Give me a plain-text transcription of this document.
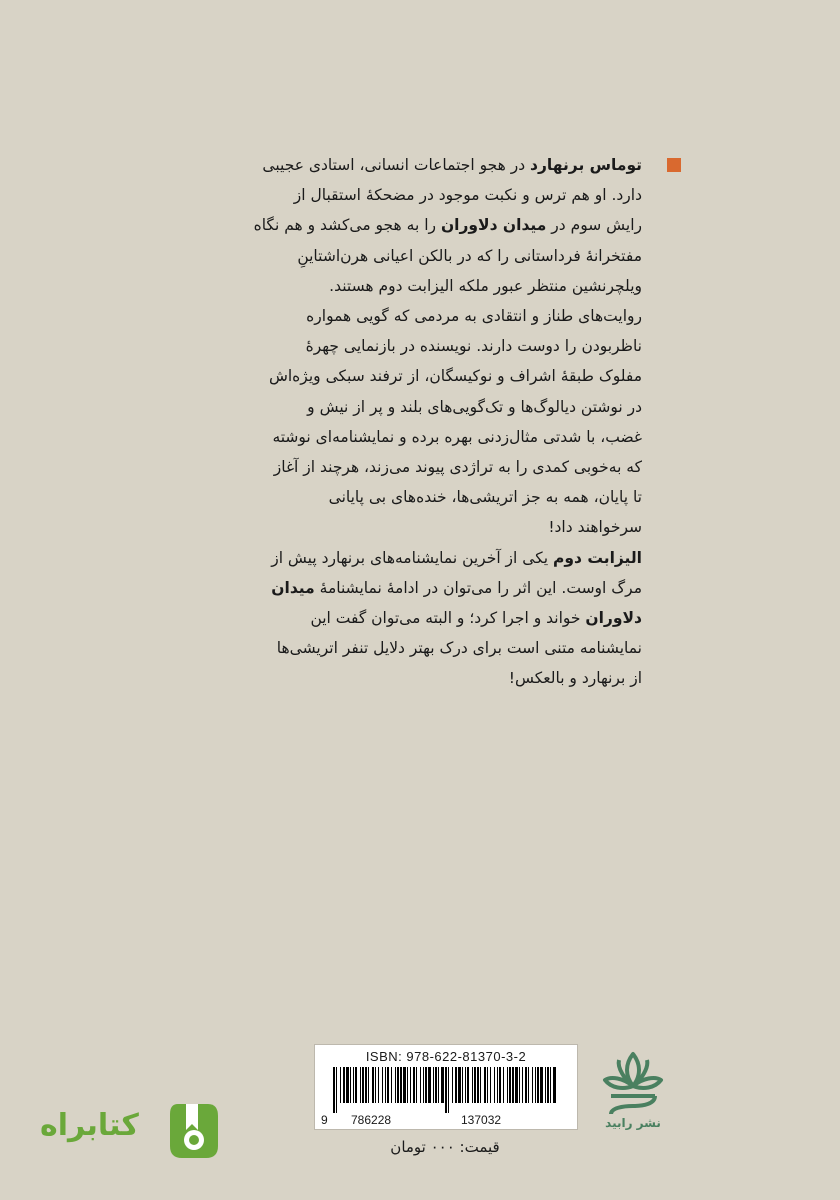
توماس برنهارد در هجو اجتماعات انسانی، استادی عجیبی

دارد. او هم ترس و نکبت موجود در مضحکهٔ استقبال از

رایش سوم در میدان دلاوران را به هجو می‌کشد و هم نگاه

مفتخرانهٔ فرداستانی را که در بالکن اعیانی هرن‌اشتاینِ

ویلچرنشین منتظر عبور ملکه الیزابت دوم هستند.

روایت‌های طناز و انتقادی به مردمی که گویی همواره

ناظر‌بودن را دوست دارند. نویسنده در بازنمایی چهرهٔ

مفلوک طبقهٔ اشراف و نوکیسگان، از ترفند سبکی ویژه‌اش

در نوشتن دیالوگ‌ها و تک‌گویی‌های بلند و پر از نیش و

غضب، با شدتی مثال‌زدنی بهره برده و نمایشنامه‌ای نوشته

که به‌خوبی کمدی را به تراژدی پیوند می‌زند، هرچند از آغاز

تا پایان، همه به جز اتریشی‌ها، خنده‌های بی پایانی

سرخواهند داد!

الیزابت دوم یکی از آخرین نمایشنامه‌های برنهارد پیش از

مرگ اوست. این اثر را می‌توان در ادامهٔ نمایشنامهٔ میدان

دلاوران خواند و اجرا کرد؛ و البته می‌توان گفت این

نمایشنامه متنی است برای درک بهتر دلایل تنفر اتریشی‌ها

از برنهارد و بالعکس!

ISBN: 978-622-81370-3-2
9 786228	137032
قیمت: ۰۰۰ تومان
نشر رابید
کتابراه
